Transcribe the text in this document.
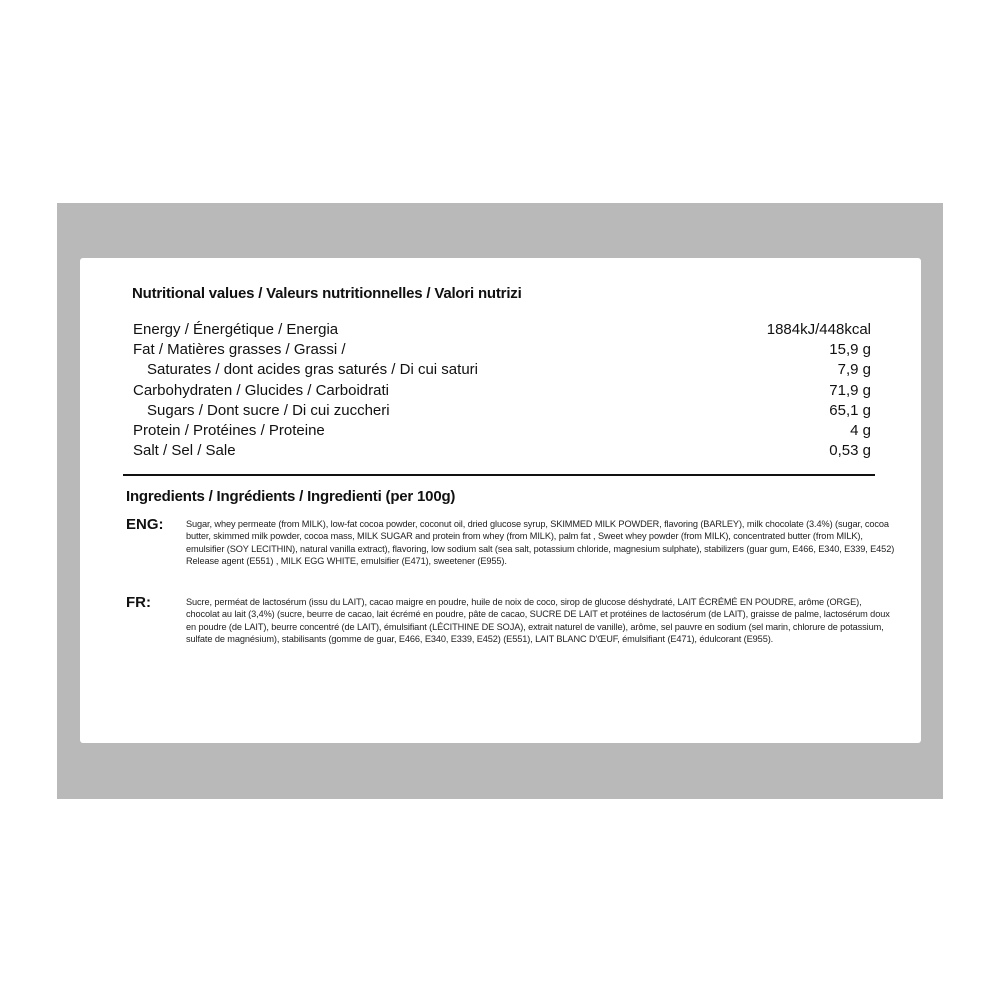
Nutritional values / Valeurs nutritionnelles / Valori nutrizi
Energy / Énergétique / Energia	1884kJ/448kcal
Fat / Matières grasses / Grassi /	15,9 g
Saturates / dont acides gras saturés / Di cui saturi	7,9 g
Carbohydraten / Glucides / Carboidrati	71,9 g
Sugars / Dont sucre / Di cui zuccheri	65,1 g
Protein / Protéines / Proteine	4 g
Salt / Sel / Sale	0,53 g
Ingredients / Ingrédients / Ingredienti (per 100g)
ENG: Sugar, whey permeate (from MILK), low-fat cocoa powder, coconut oil, dried glucose syrup, SKIMMED MILK POWDER, flavoring (BARLEY), milk chocolate (3.4%) (sugar, cocoa butter, skimmed milk powder, cocoa mass, MILK SUGAR and protein from whey (from MILK), palm fat , Sweet whey powder (from MILK), concentrated butter (from MILK), emulsifier (SOY LECITHIN), natural vanilla extract), flavoring, low sodium salt (sea salt, potassium chloride, magnesium sulphate), stabilizers (guar gum, E466, E340, E339, E452) Release agent (E551) , MILK EGG WHITE, emulsifier (E471), sweetener (E955).
FR:	Sucre, perméat de lactosérum (issu du LAIT), cacao maigre en poudre, huile de noix de coco, sirop de glucose déshydraté, LAIT ÉCRÉMÉ EN POUDRE, arôme (ORGE), chocolat au lait (3,4%) (sucre, beurre de cacao, lait écrémé en poudre, pâte de cacao, SUCRE DE LAIT et protéines de lactosérum (de LAIT), graisse de palme, lactosérum doux en poudre (de LAIT), beurre concentré (de LAIT), émulsifiant (LÉCITHINE DE SOJA), extrait naturel de vanille), arôme, sel pauvre en sodium (sel marin, chlorure de potassium, sulfate de magnésium), stabilisants (gomme de guar, E466, E340, E339, E452) (E551), LAIT BLANC D'ŒUF, émulsifiant (E471), édulcorant (E955).
